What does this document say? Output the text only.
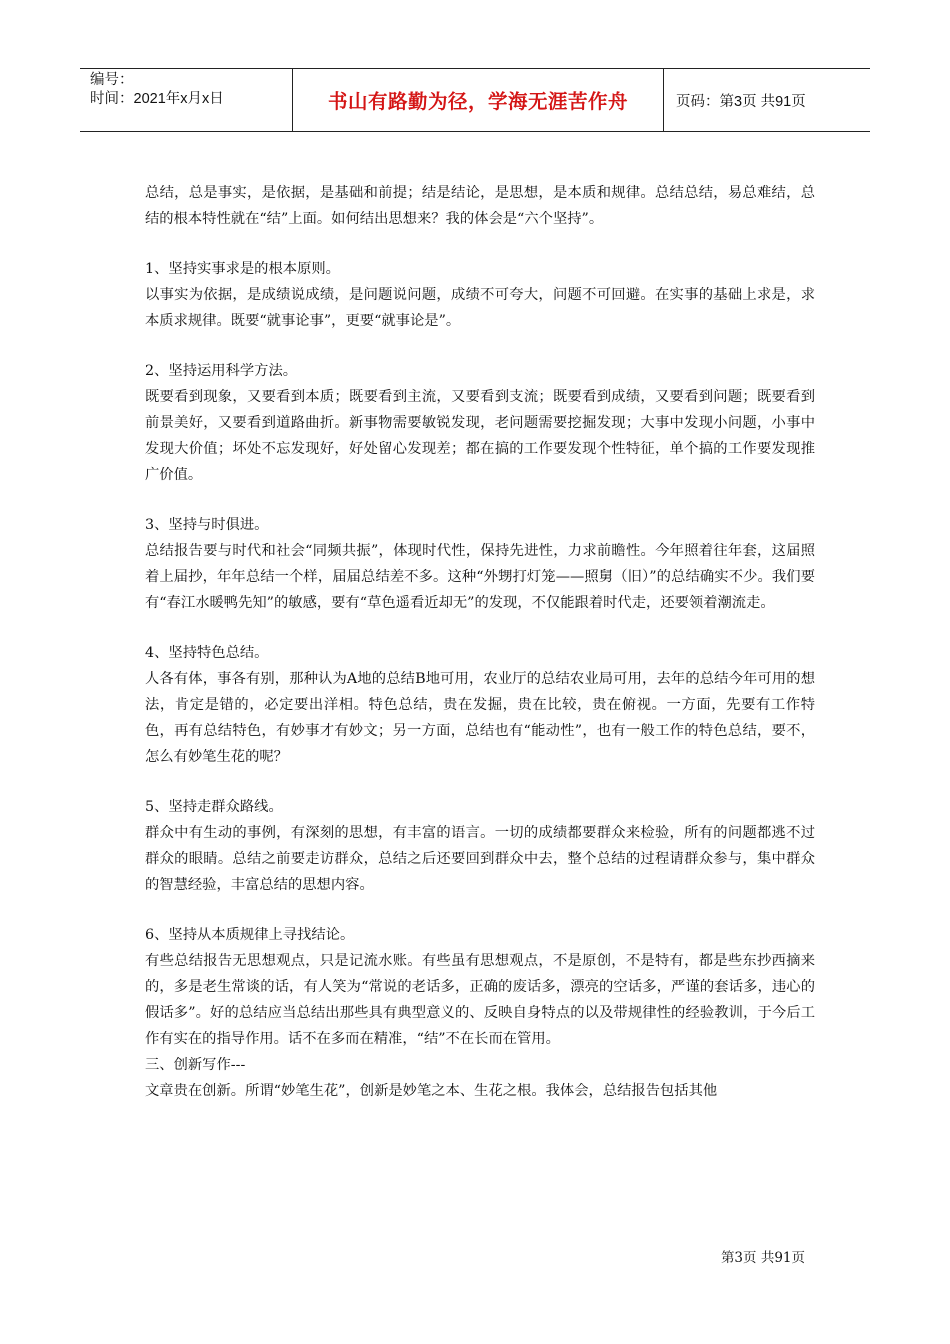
编号：
时间：2021年x月x日	书山有路勤为径，学海无涯苦作舟	页码：第3页 共91页

总结，总是事实，是依据，是基础和前提；结是结论，是思想，是本质和规律。总结总结，易总难结，总结的根本特性就在“结”上面。如何结出思想来？我的体会是“六个坚持”。

1、坚持实事求是的根本原则。

以事实为依据，是成绩说成绩，是问题说问题，成绩不可夸大，问题不可回避。在实事的基础上求是，求本质求规律。既要“就事论事”，更要“就事论是”。

2、坚持运用科学方法。

既要看到现象，又要看到本质；既要看到主流，又要看到支流；既要看到成绩，又要看到问题；既要看到前景美好，又要看到道路曲折。新事物需要敏锐发现，老问题需要挖掘发现；大事中发现小问题，小事中发现大价值；坏处不忘发现好，好处留心发现差；都在搞的工作要发现个性特征，单个搞的工作要发现推广价值。

3、坚持与时俱进。

总结报告要与时代和社会“同频共振”，体现时代性，保持先进性，力求前瞻性。今年照着往年套，这届照着上届抄，年年总结一个样，届届总结差不多。这种“外甥打灯笼——照舅（旧）”的总结确实不少。我们要有“春江水暖鸭先知”的敏感，要有“草色遥看近却无”的发现，不仅能跟着时代走，还要领着潮流走。

4、坚持特色总结。

人各有体，事各有别，那种认为A地的总结B地可用，农业厅的总结农业局可用，去年的总结今年可用的想法，肯定是错的，必定要出洋相。特色总结，贵在发掘，贵在比较，贵在俯视。一方面，先要有工作特色，再有总结特色，有妙事才有妙文；另一方面，总结也有“能动性”，也有一般工作的特色总结，要不，怎么有妙笔生花的呢？

5、坚持走群众路线。

群众中有生动的事例，有深刻的思想，有丰富的语言。一切的成绩都要群众来检验，所有的问题都逃不过群众的眼睛。总结之前要走访群众，总结之后还要回到群众中去，整个总结的过程请群众参与，集中群众的智慧经验，丰富总结的思想内容。

6、坚持从本质规律上寻找结论。

有些总结报告无思想观点，只是记流水账。有些虽有思想观点，不是原创，不是特有，都是些东抄西摘来的，多是老生常谈的话，有人笑为“常说的老话多，正确的废话多，漂亮的空话多，严谨的套话多，违心的假话多”。好的总结应当总结出那些具有典型意义的、反映自身特点的以及带规律性的经验教训，于今后工作有实在的指导作用。话不在多而在精准，“结”不在长而在管用。

三、创新写作---

文章贵在创新。所谓“妙笔生花”，创新是妙笔之本、生花之根。我体会，总结报告包括其他

第3页 共91页
